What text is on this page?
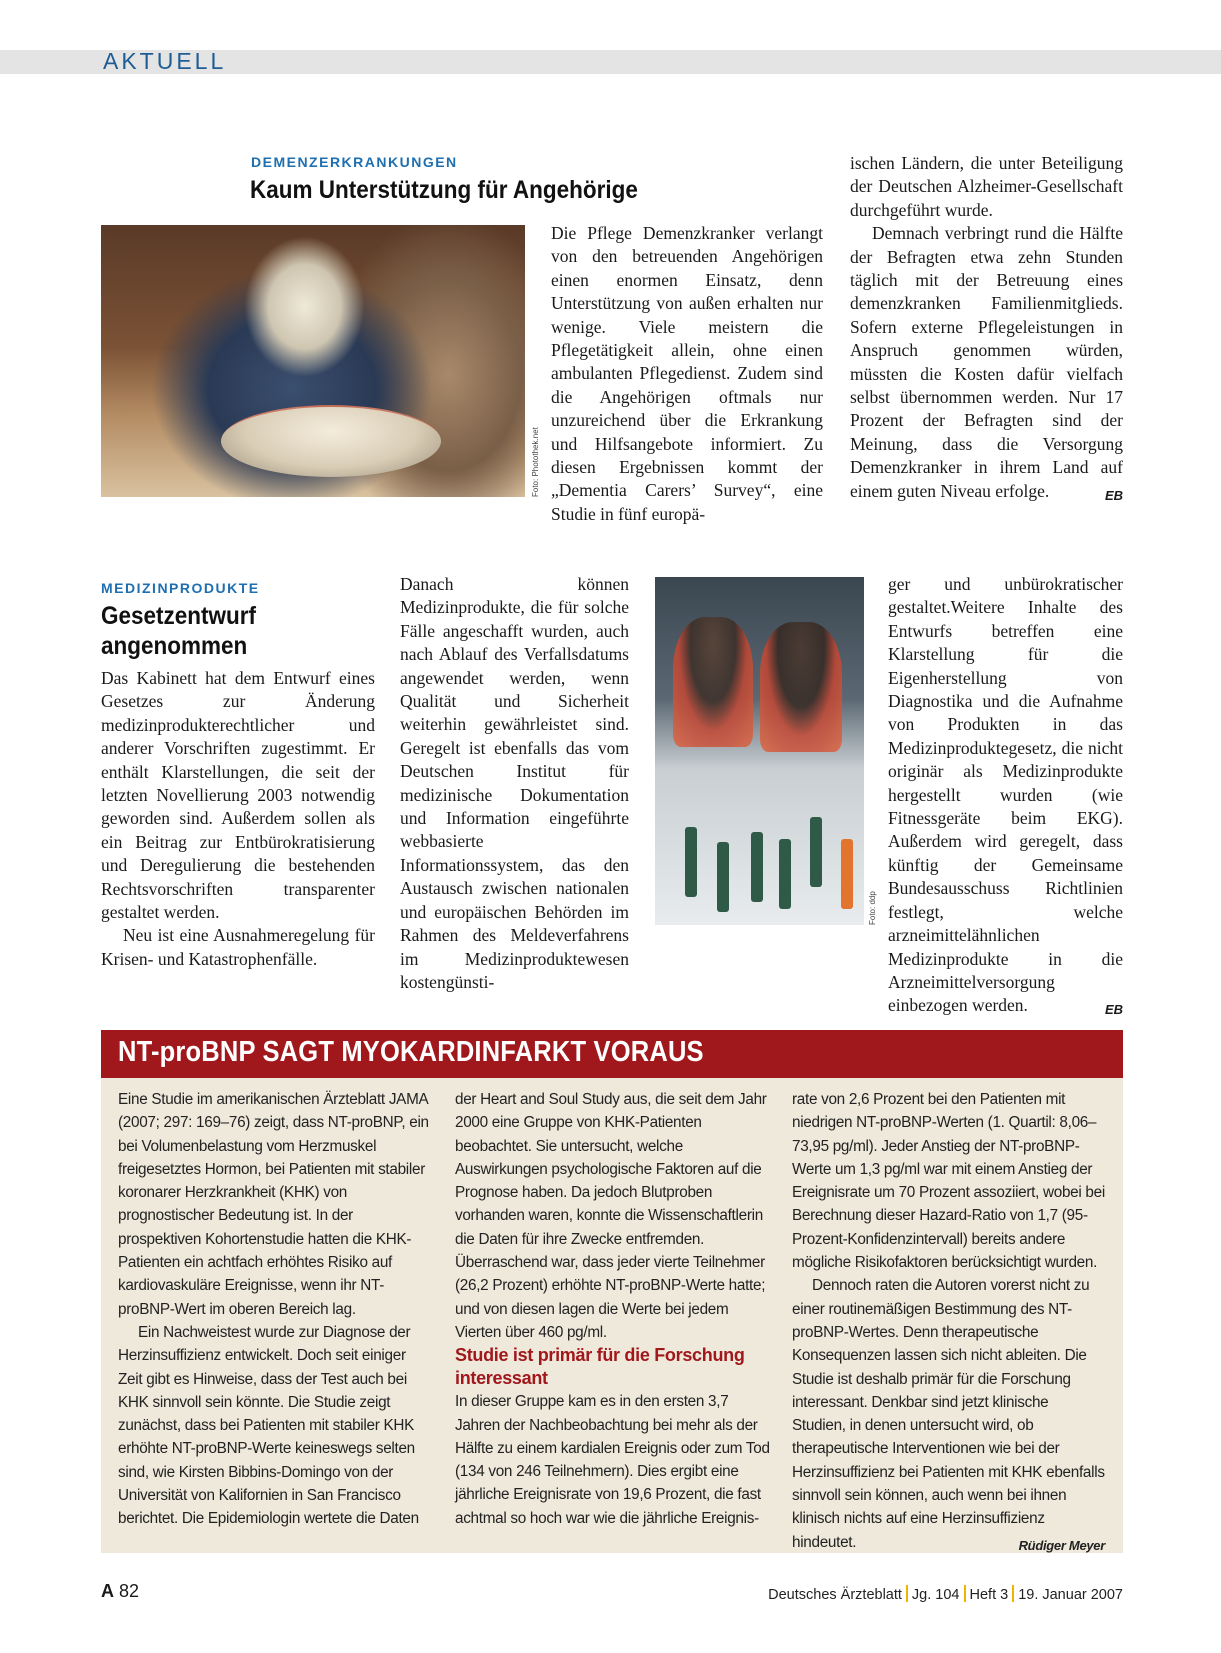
AKTUELL
DEMENZERKRANKUNGEN
Kaum Unterstützung für Angehörige
Foto: Photothek.net

Die Pflege Demenzkranker verlangt von den betreuenden Angehörigen einen enormen Einsatz, denn Unterstützung von außen erhalten nur wenige. Viele meistern die Pflegetätigkeit allein, ohne einen ambulanten Pflegedienst. Zudem sind die Angehörigen oftmals nur unzureichend über die Erkrankung und Hilfsangebote informiert. Zu diesen Ergebnissen kommt der „Dementia Carers’ Survey“, eine Studie in fünf europä-

ischen Ländern, die unter Beteiligung der Deutschen Alzheimer-Gesellschaft durchgeführt wurde.

Demnach verbringt rund die Hälfte der Befragten etwa zehn Stunden täglich mit der Betreuung eines demenzkranken Familienmitglieds. Sofern externe Pflegeleistungen in Anspruch genommen würden, müssten die Kosten dafür vielfach selbst übernommen werden. Nur 17 Prozent der Befragten sind der Meinung, dass die Versorgung Demenzkranker in ihrem Land auf einem guten Niveau erfolge.	EB

MEDIZINPRODUKTE
Gesetzentwurf
angenommen

Das Kabinett hat dem Entwurf eines Gesetzes zur Änderung medizinprodukterechtlicher und anderer Vorschriften zugestimmt. Er enthält Klarstellungen, die seit der letzten Novellierung 2003 notwendig geworden sind. Außerdem sollen als ein Beitrag zur Entbürokratisierung und Deregulierung die bestehenden Rechtsvorschriften transparenter gestaltet werden.

Neu ist eine Ausnahmeregelung für Krisen- und Katastrophenfälle.

Danach können Medizinprodukte, die für solche Fälle angeschafft wurden, auch nach Ablauf des Verfallsdatums angewendet werden, wenn Qualität und Sicherheit weiterhin gewährleistet sind. Geregelt ist ebenfalls das vom Deutschen Institut für medizinische Dokumentation und Information eingeführte webbasierte Informationssystem, das den Austausch zwischen nationalen und europäischen Behörden im Rahmen des Meldeverfahrens im Medizinproduktewesen kostengünsti-

Foto: ddp

ger und unbürokratischer gestaltet.Weitere Inhalte des Entwurfs betreffen eine Klarstellung für die Eigenherstellung von Diagnostika und die Aufnahme von Produkten in das Medizinproduktegesetz, die nicht originär als Medizinprodukte hergestellt wurden (wie Fitnessgeräte beim EKG). Außerdem wird geregelt, dass künftig der Gemeinsame Bundesausschuss Richtlinien festlegt, welche arzneimittelähnlichen Medizinprodukte in die Arzneimittelversorgung einbezogen werden.	EB

NT-proBNP SAGT MYOKARDINFARKT VORAUS

Eine Studie im amerikanischen Ärzteblatt JAMA (2007; 297: 169–76) zeigt, dass NT-proBNP, ein bei Volumenbelastung vom Herzmuskel freigesetztes Hormon, bei Patienten mit stabiler koronarer Herzkrankheit (KHK) von prognostischer Bedeutung ist. In der prospektiven Kohortenstudie hatten die KHK-Patienten ein achtfach erhöhtes Risiko auf kardiovaskuläre Ereignisse, wenn ihr NT-proBNP-Wert im oberen Bereich lag.

Ein Nachweistest wurde zur Diagnose der Herzinsuffizienz entwickelt. Doch seit einiger Zeit gibt es Hinweise, dass der Test auch bei KHK sinnvoll sein könnte. Die Studie zeigt zunächst, dass bei Patienten mit stabiler KHK erhöhte NT-proBNP-Werte keineswegs selten sind, wie Kirsten Bibbins-Domingo von der Universität von Kalifornien in San Francisco berichtet. Die Epidemiologin wertete die Daten

der Heart and Soul Study aus, die seit dem Jahr 2000 eine Gruppe von KHK-Patienten beobachtet. Sie untersucht, welche Auswirkungen psychologische Faktoren auf die Prognose haben. Da jedoch Blutproben vorhanden waren, konnte die Wissenschaftlerin die Daten für ihre Zwecke entfremden. Überraschend war, dass jeder vierte Teilnehmer (26,2 Prozent) erhöhte NT-proBNP-Werte hatte; und von diesen lagen die Werte bei jedem Vierten über 460 pg/ml.

Studie ist primär für die Forschung interessant

In dieser Gruppe kam es in den ersten 3,7 Jahren der Nachbeobachtung bei mehr als der Hälfte zu einem kardialen Ereignis oder zum Tod (134 von 246 Teilnehmern). Dies ergibt eine jährliche Ereignisrate von 19,6 Prozent, die fast achtmal so hoch war wie die jährliche Ereignis-

rate von 2,6 Prozent bei den Patienten mit niedrigen NT-proBNP-Werten (1. Quartil: 8,06–73,95 pg/ml). Jeder Anstieg der NT-proBNP-Werte um 1,3 pg/ml war mit einem Anstieg der Ereignisrate um 70 Prozent assoziiert, wobei bei Berechnung dieser Hazard-Ratio von 1,7 (95-Prozent-Konfidenzintervall) bereits andere mögliche Risikofaktoren berücksichtigt wurden.

Dennoch raten die Autoren vorerst nicht zu einer routinemäßigen Bestimmung des NT-proBNP-Wertes. Denn therapeutische Konsequenzen lassen sich nicht ableiten. Die Studie ist deshalb primär für die Forschung interessant. Denkbar sind jetzt klinische Studien, in denen untersucht wird, ob therapeutische Interventionen wie bei der Herzinsuffizienz bei Patienten mit KHK ebenfalls sinnvoll sein können, auch wenn bei ihnen klinisch nichts auf eine Herzinsuffizienz hindeutet.	Rüdiger Meyer

A 82	Deutsches Ärzteblatt Jg. 104 Heft 3 19. Januar 2007
